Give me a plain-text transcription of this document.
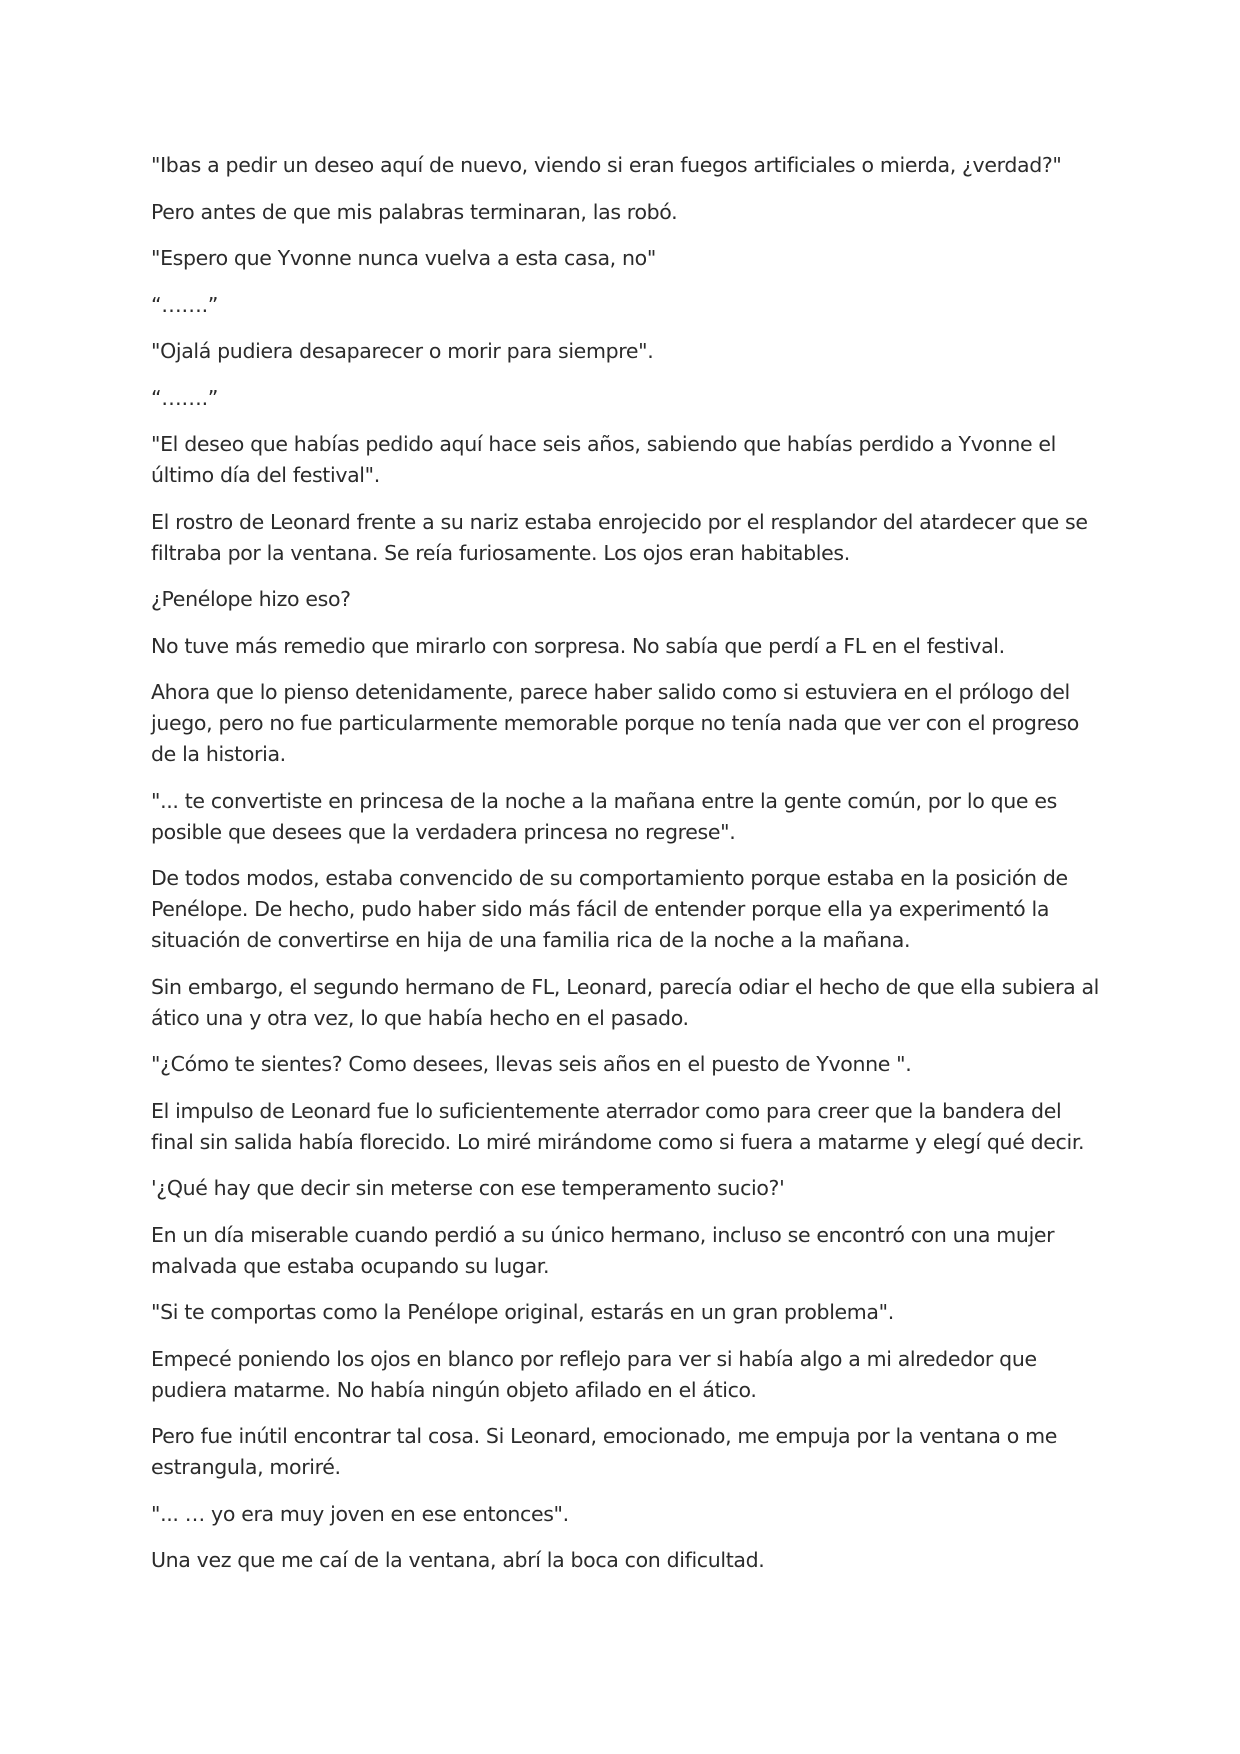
"Ibas a pedir un deseo aquí de nuevo, viendo si eran fuegos artificiales o mierda, ¿verdad?"

Pero antes de que mis palabras terminaran, las robó.

"Espero que Yvonne nunca vuelva a esta casa, no"

“…….”

"Ojalá pudiera desaparecer o morir para siempre".

“…….”

"El deseo que habías pedido aquí hace seis años, sabiendo que habías perdido a Yvonne el último día del festival".

El rostro de Leonard frente a su nariz estaba enrojecido por el resplandor del atardecer que se filtraba por la ventana. Se reía furiosamente. Los ojos eran habitables.

¿Penélope hizo eso?

No tuve más remedio que mirarlo con sorpresa. No sabía que perdí a FL en el festival.

Ahora que lo pienso detenidamente, parece haber salido como si estuviera en el prólogo del juego, pero no fue particularmente memorable porque no tenía nada que ver con el progreso de la historia.

"... te convertiste en princesa de la noche a la mañana entre la gente común, por lo que es posible que desees que la verdadera princesa no regrese".

De todos modos, estaba convencido de su comportamiento porque estaba en la posición de Penélope. De hecho, pudo haber sido más fácil de entender porque ella ya experimentó la situación de convertirse en hija de una familia rica de la noche a la mañana.

Sin embargo, el segundo hermano de FL, Leonard, parecía odiar el hecho de que ella subiera al ático una y otra vez, lo que había hecho en el pasado.

"¿Cómo te sientes? Como desees, llevas seis años en el puesto de Yvonne ".

El impulso de Leonard fue lo suficientemente aterrador como para creer que la bandera del final sin salida había florecido. Lo miré mirándome como si fuera a matarme y elegí qué decir.

'¿Qué hay que decir sin meterse con ese temperamento sucio?'

En un día miserable cuando perdió a su único hermano, incluso se encontró con una mujer malvada que estaba ocupando su lugar.

"Si te comportas como la Penélope original, estarás en un gran problema".

Empecé poniendo los ojos en blanco por reflejo para ver si había algo a mi alrededor que pudiera matarme. No había ningún objeto afilado en el ático.

Pero fue inútil encontrar tal cosa. Si Leonard, emocionado, me empuja por la ventana o me estrangula, moriré.

"... … yo era muy joven en ese entonces".

Una vez que me caí de la ventana, abrí la boca con dificultad.
